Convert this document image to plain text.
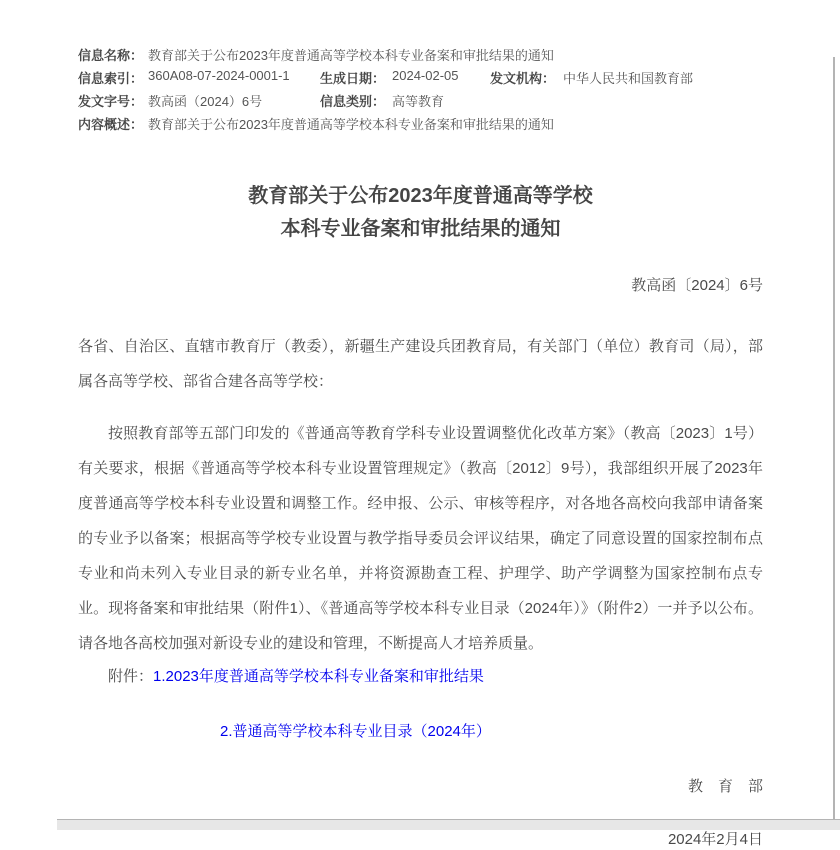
信息名称： 教育部关于公布2023年度普通高等学校本科专业备案和审批结果的通知
信息索引： 360A08-07-2024-0001-1 生成日期： 2024-02-05 发文机构： 中华人民共和国教育部
发文字号： 教高函（2024）6号	信息类别： 高等教育
内容概述： 教育部关于公布2023年度普通高等学校本科专业备案和审批结果的通知
教育部关于公布2023年度普通高等学校
本科专业备案和审批结果的通知
教高函〔2024〕6号
各省、自治区、直辖市教育厅（教委），新疆生产建设兵团教育局，有关部门（单位）教育司（局），部属各高等学校、部省合建各高等学校：
按照教育部等五部门印发的《普通高等教育学科专业设置调整优化改革方案》（教高〔2023〕1号）有关要求，根据《普通高等学校本科专业设置管理规定》（教高〔2012〕9号），我部组织开展了2023年度普通高等学校本科专业设置和调整工作。经申报、公示、审核等程序，对各地各高校向我部申请备案的专业予以备案；根据高等学校专业设置与教学指导委员会评议结果，确定了同意设置的国家控制布点专业和尚未列入专业目录的新专业名单，并将资源勘查工程、护理学、助产学调整为国家控制布点专业。现将备案和审批结果（附件1）、《普通高等学校本科专业目录（2024年）》（附件2）一并予以公布。请各地各高校加强对新设专业的建设和管理，不断提高人才培养质量。
附件：1.2023年度普通高等学校本科专业备案和审批结果
2.普通高等学校本科专业目录（2024年）
教　育　部
2024年2月4日
